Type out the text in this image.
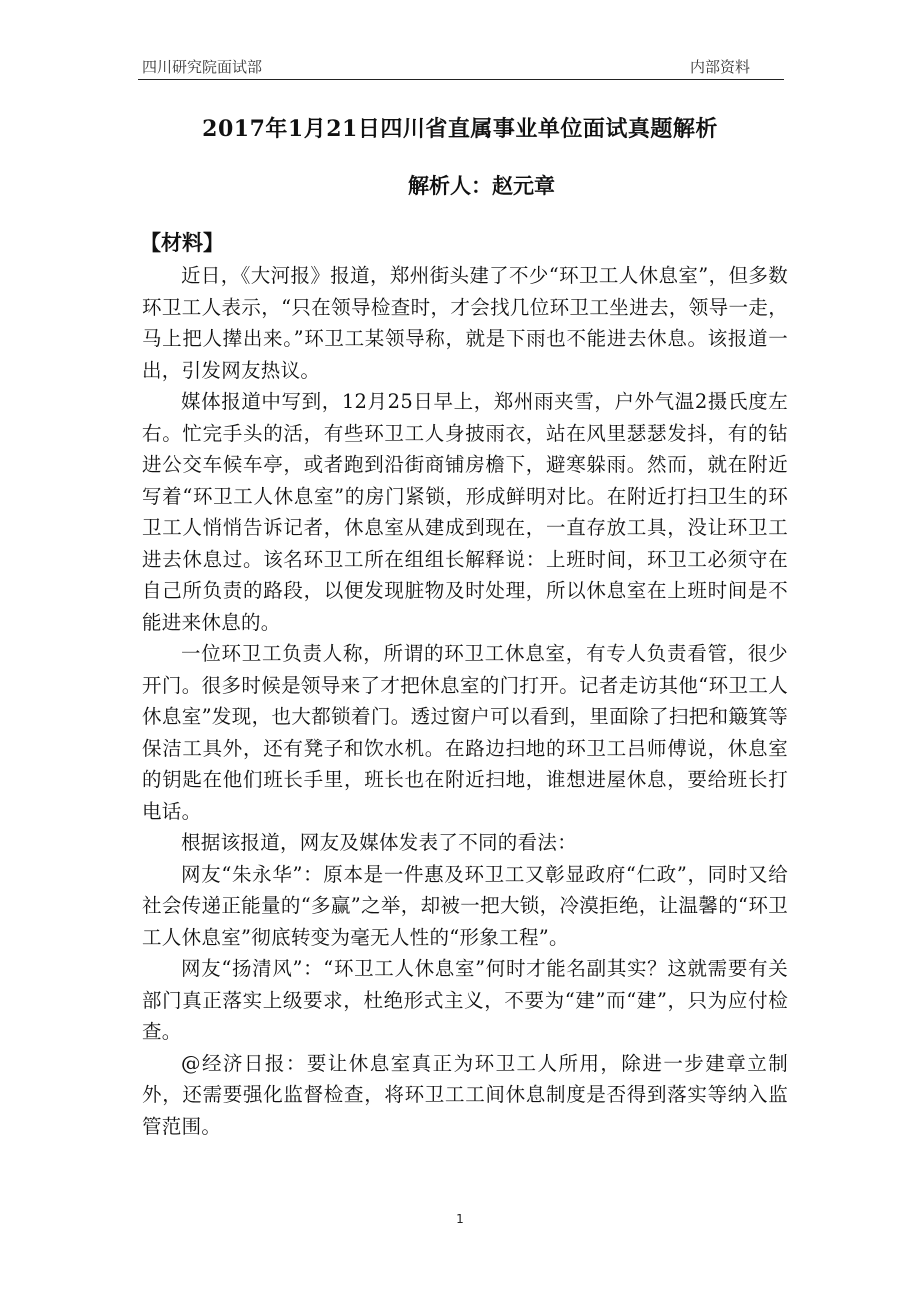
四川研究院面试部	内部资料
2017年1月21日四川省直属事业单位面试真题解析
解析人：赵元章
【材料】

近日，《大河报》报道，郑州街头建了不少“环卫工人休息室”，但多数环卫工人表示，“只在领导检查时，才会找几位环卫工坐进去，领导一走，马上把人撵出来。”环卫工某领导称，就是下雨也不能进去休息。该报道一出，引发网友热议。

媒体报道中写到，12月25日早上，郑州雨夹雪，户外气温2摄氏度左右。忙完手头的活，有些环卫工人身披雨衣，站在风里瑟瑟发抖，有的钻进公交车候车亭，或者跑到沿街商铺房檐下，避寒躲雨。然而，就在附近写着“环卫工人休息室”的房门紧锁，形成鲜明对比。在附近打扫卫生的环卫工人悄悄告诉记者，休息室从建成到现在，一直存放工具，没让环卫工进去休息过。该名环卫工所在组组长解释说：上班时间，环卫工必须守在自己所负责的路段，以便发现脏物及时处理，所以休息室在上班时间是不能进来休息的。

一位环卫工负责人称，所谓的环卫工休息室，有专人负责看管，很少开门。很多时候是领导来了才把休息室的门打开。记者走访其他“环卫工人休息室”发现，也大都锁着门。透过窗户可以看到，里面除了扫把和簸箕等保洁工具外，还有凳子和饮水机。在路边扫地的环卫工吕师傅说，休息室的钥匙在他们班长手里，班长也在附近扫地，谁想进屋休息，要给班长打电话。

根据该报道，网友及媒体发表了不同的看法：

网友“朱永华”：原本是一件惠及环卫工又彰显政府“仁政”，同时又给社会传递正能量的“多赢”之举，却被一把大锁，冷漠拒绝，让温馨的“环卫工人休息室”彻底转变为毫无人性的“形象工程”。

网友“扬清风”：“环卫工人休息室”何时才能名副其实？这就需要有关部门真正落实上级要求，杜绝形式主义，不要为“建”而“建”，只为应付检查。

@经济日报：要让休息室真正为环卫工人所用，除进一步建章立制外，还需要强化监督检查，将环卫工工间休息制度是否得到落实等纳入监管范围。

1
